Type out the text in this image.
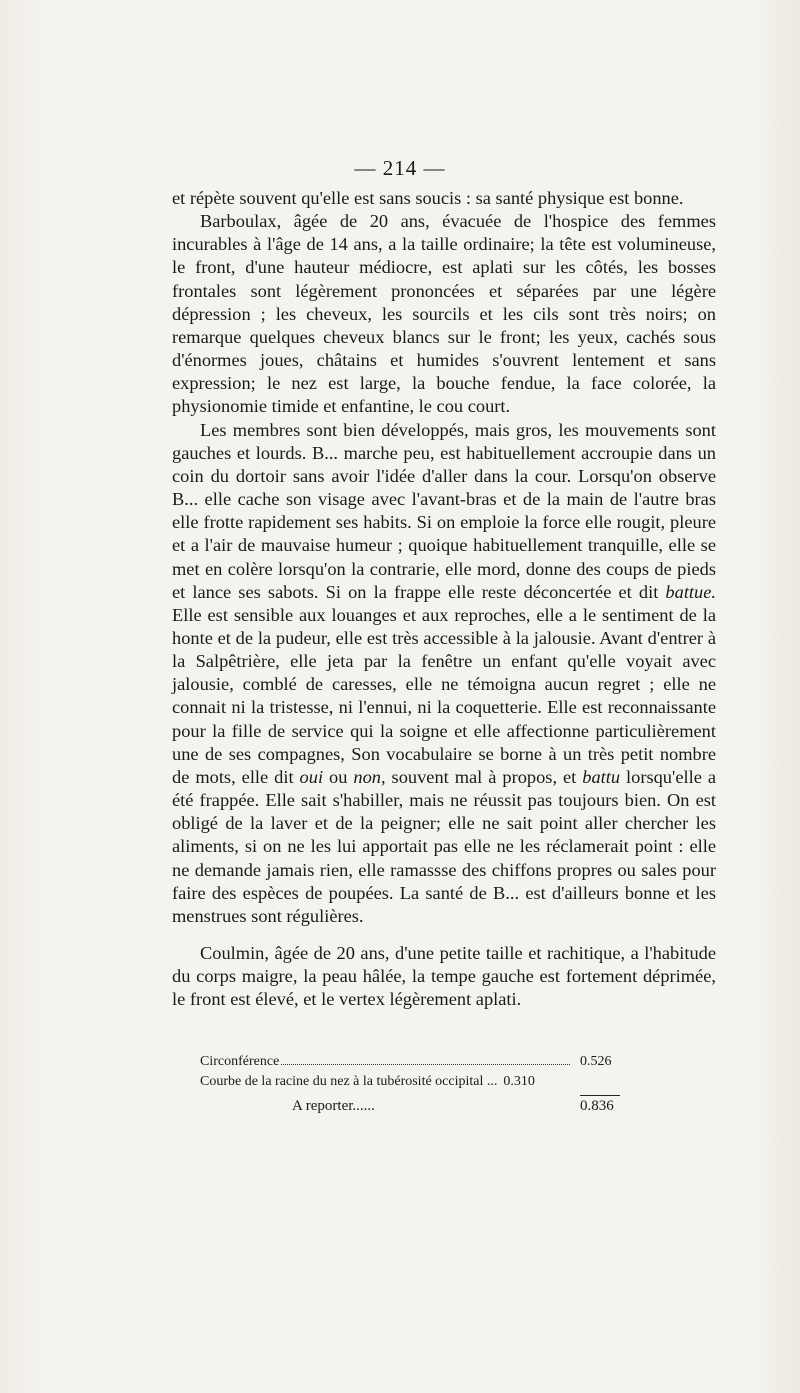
— 214 —

et répète souvent qu'elle est sans soucis : sa santé physique est bonne.

Barboulax, âgée de 20 ans, évacuée de l'hospice des femmes incurables à l'âge de 14 ans, a la taille ordinaire; la tête est volumineuse, le front, d'une hauteur médiocre, est aplati sur les côtés, les bosses frontales sont légèrement prononcées et séparées par une légère dépression ; les cheveux, les sourcils et les cils sont très noirs; on remarque quelques cheveux blancs sur le front; les yeux, cachés sous d'énormes joues, châtains et humides s'ouvrent lentement et sans expression; le nez est large, la bouche fendue, la face colorée, la physionomie timide et enfantine, le cou court.

Les membres sont bien développés, mais gros, les mouvements sont gauches et lourds. B... marche peu, est habituellement accroupie dans un coin du dortoir sans avoir l'idée d'aller dans la cour. Lorsqu'on observe B... elle cache son visage avec l'avant-bras et de la main de l'autre bras elle frotte rapidement ses habits. Si on emploie la force elle rougit, pleure et a l'air de mauvaise humeur ; quoique habituellement tranquille, elle se met en colère lorsqu'on la contrarie, elle mord, donne des coups de pieds et lance ses sabots. Si on la frappe elle reste déconcertée et dit battue. Elle est sensible aux louanges et aux reproches, elle a le sentiment de la honte et de la pudeur, elle est très accessible à la jalousie. Avant d'entrer à la Salpêtrière, elle jeta par la fenêtre un enfant qu'elle voyait avec jalousie, comblé de caresses, elle ne témoigna aucun regret ; elle ne connait ni la tristesse, ni l'ennui, ni la coquetterie. Elle est reconnaissante pour la fille de service qui la soigne et elle affectionne particulièrement une de ses compagnes, Son vocabulaire se borne à un très petit nombre de mots, elle dit oui ou non, souvent mal à propos, et battu lorsqu'elle a été frappée. Elle sait s'habiller, mais ne réussit pas toujours bien. On est obligé de la laver et de la peigner; elle ne sait point aller chercher les aliments, si on ne les lui apportait pas elle ne les réclamerait point : elle ne demande jamais rien, elle ramassse des chiffons propres ou sales pour faire des espèces de poupées. La santé de B... est d'ailleurs bonne et les menstrues sont régulières.

Coulmin, âgée de 20 ans, d'une petite taille et rachitique, a l'habitude du corps maigre, la peau hâlée, la tempe gauche est fortement déprimée, le front est élevé, et le vertex légèrement aplati.

Circonférence	0.526
Courbe de la racine du nez à la tubérosité occipital ... 0.310
A reporter......	0.836
